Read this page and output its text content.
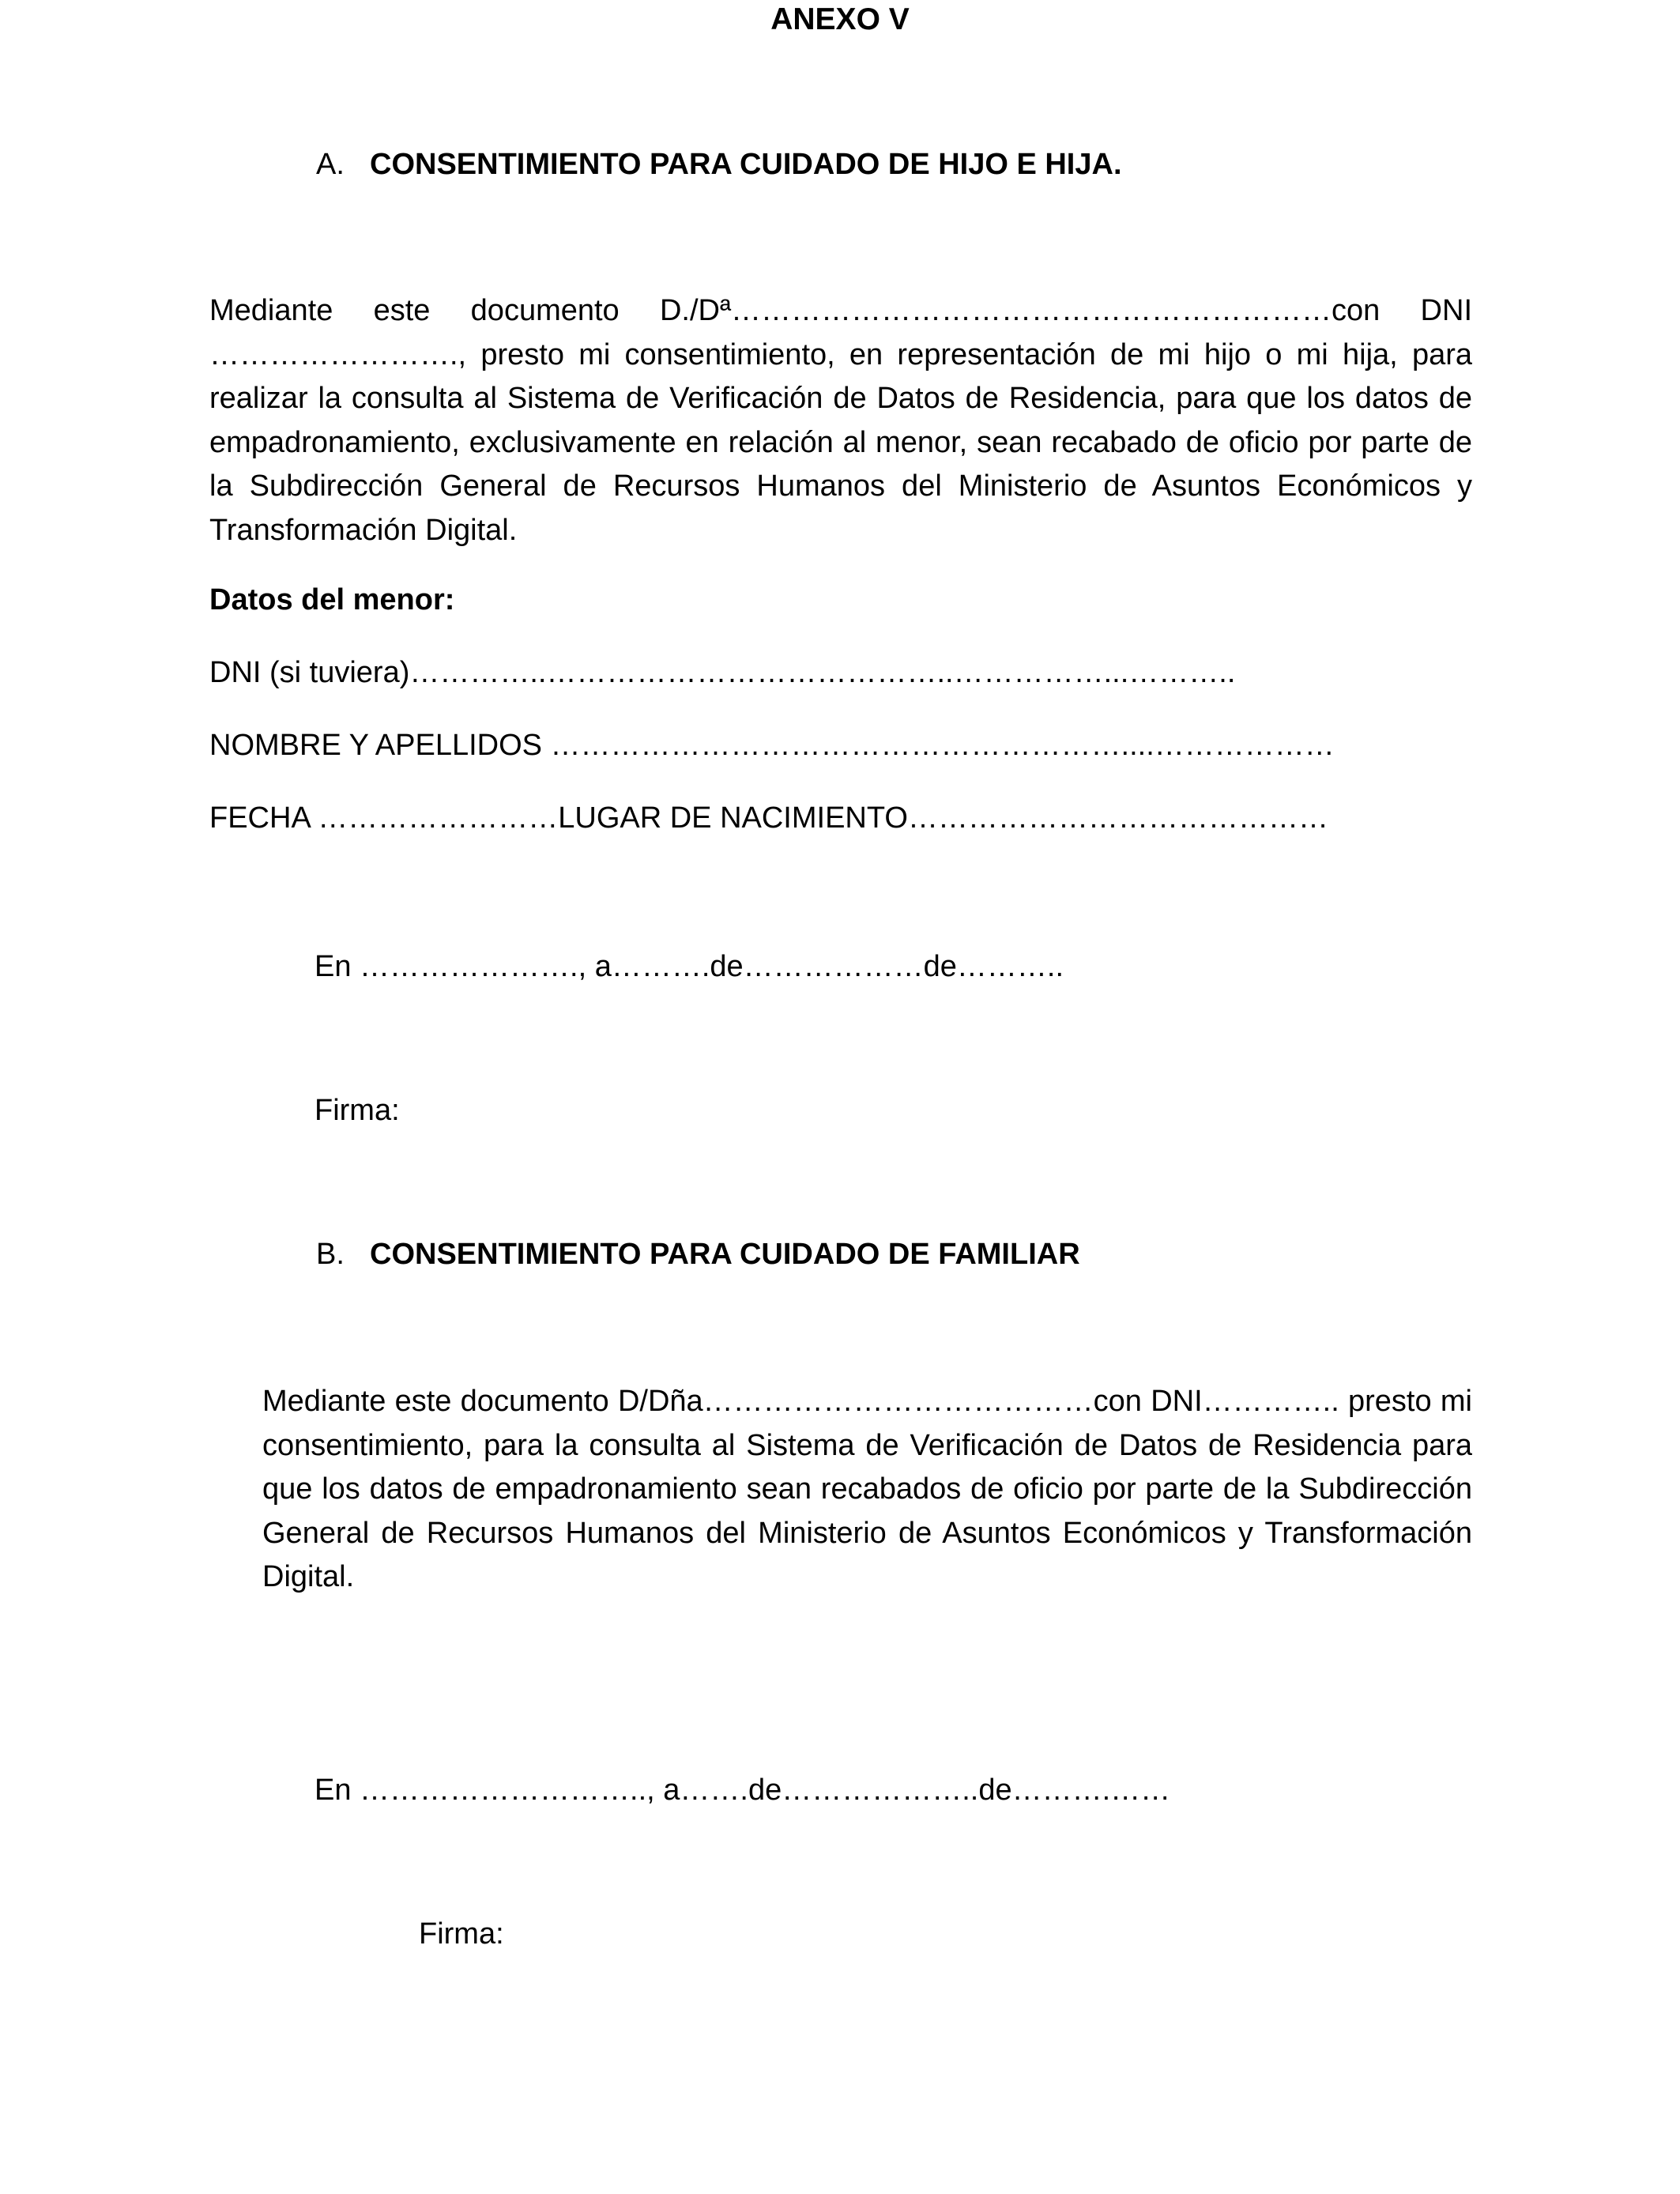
ANEXO V

A. CONSENTIMIENTO PARA CUIDADO DE HIJO E HIJA.

Mediante este documento D./Dª……………………………………………………con DNI ……………………., presto mi consentimiento, en representación de mi hijo o mi hija, para realizar la consulta al Sistema de Verificación de Datos de Residencia, para que los datos de empadronamiento, exclusivamente en relación al menor, sean recabado de oficio por parte de la Subdirección General de Recursos Humanos del Ministerio de Asuntos Económicos y Transformación Digital.

Datos del menor:

DNI (si tuviera)…………..…………………………………..……………...………..

NOMBRE Y APELLIDOS …………………………………………………....………………

FECHA ……………………LUGAR DE NACIMIENTO……………………………………

En …………………., a……….de………………de………..

Firma:

B. CONSENTIMIENTO PARA CUIDADO DE FAMILIAR

Mediante este documento D/Dña…………………………………con DNI………….. presto mi consentimiento, para la consulta al Sistema de Verificación de Datos de Residencia para que los datos de empadronamiento sean recabados de oficio por parte de la Subdirección General de Recursos Humanos del Ministerio de Asuntos Económicos y Transformación Digital.

En ……………………….., a…….de………………..de……….……

Firma:
